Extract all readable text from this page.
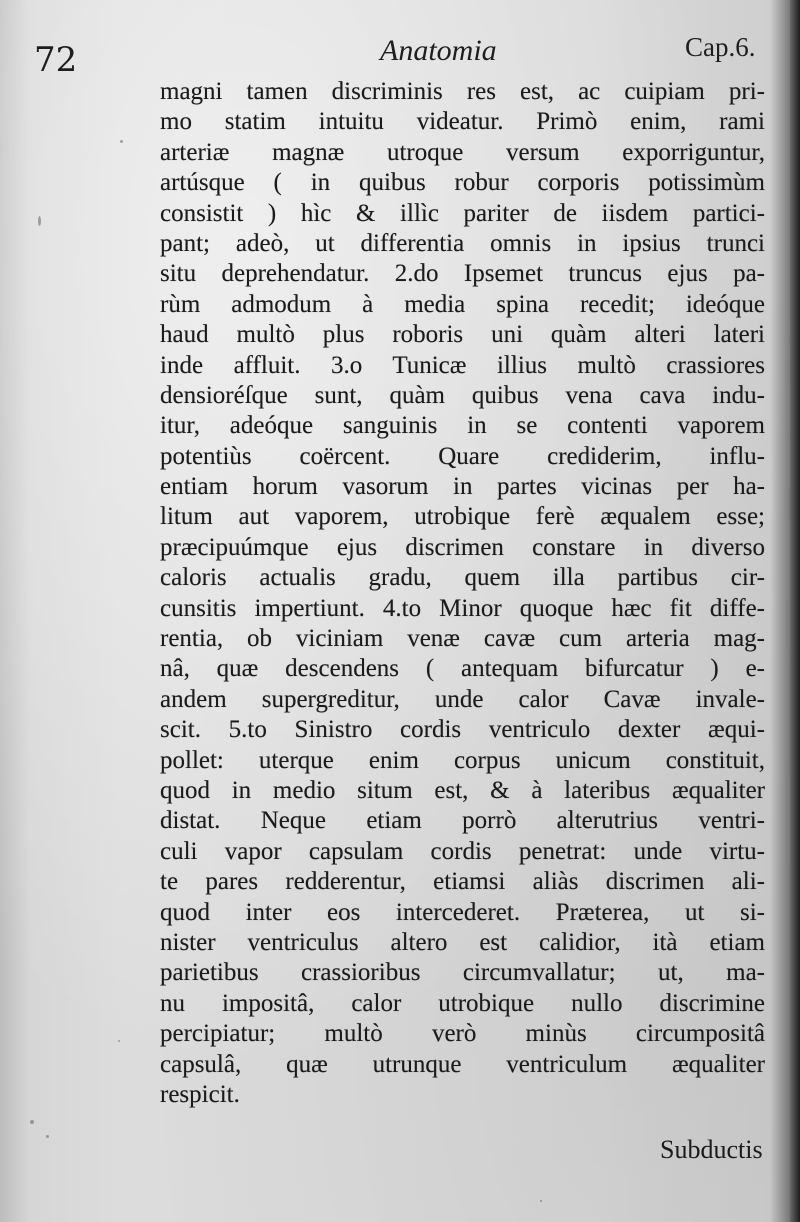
72	Anatomia	Cap.6.
magni tamen discriminis res est, ac cuipiam pri-
mo statim intuitu videatur. Primò enim, rami
arteriæ magnæ utroque versum exporriguntur,
artúsque ( in quibus robur corporis potissimùm
consistit ) hìc & illìc pariter de iisdem partici-
pant; adeò, ut differentia omnis in ipsius trunci
situ deprehendatur. 2.do Ipsemet truncus ejus pa-
rùm admodum à media spina recedit; ideóque
haud multò plus roboris uni quàm alteri lateri
inde affluit. 3.o Tunicæ illius multò crassiores
densioréſque sunt, quàm quibus vena cava indu-
itur, adeóque sanguinis in se contenti vaporem
potentiùs coërcent. Quare crediderim, influ-
entiam horum vasorum in partes vicinas per ha-
litum aut vaporem, utrobique ferè æqualem esse;
præcipuúmque ejus discrimen constare in diverso
caloris actualis gradu, quem illa partibus cir-
cunsitis impertiunt. 4.to Minor quoque hæc fit diffe-
rentia, ob viciniam venæ cavæ cum arteria mag-
nâ, quæ descendens ( antequam bifurcatur ) e-
andem supergreditur, unde calor Cavæ invale-
scit. 5.to Sinistro cordis ventriculo dexter æqui-
pollet: uterque enim corpus unicum constituit,
quod in medio situm est, & à lateribus æqualiter
distat. Neque etiam porrò alterutrius ventri-
culi vapor capsulam cordis penetrat: unde virtu-
te pares redderentur, etiamsi aliàs discrimen ali-
quod inter eos intercederet. Præterea, ut si-
nister ventriculus altero est calidior, ità etiam
parietibus crassioribus circumvallatur; ut, ma-
nu impositâ, calor utrobique nullo discrimine
percipiatur; multò verò minùs circumpositâ
capsulâ, quæ utrunque ventriculum æqualiter
respicit.
Subductis
